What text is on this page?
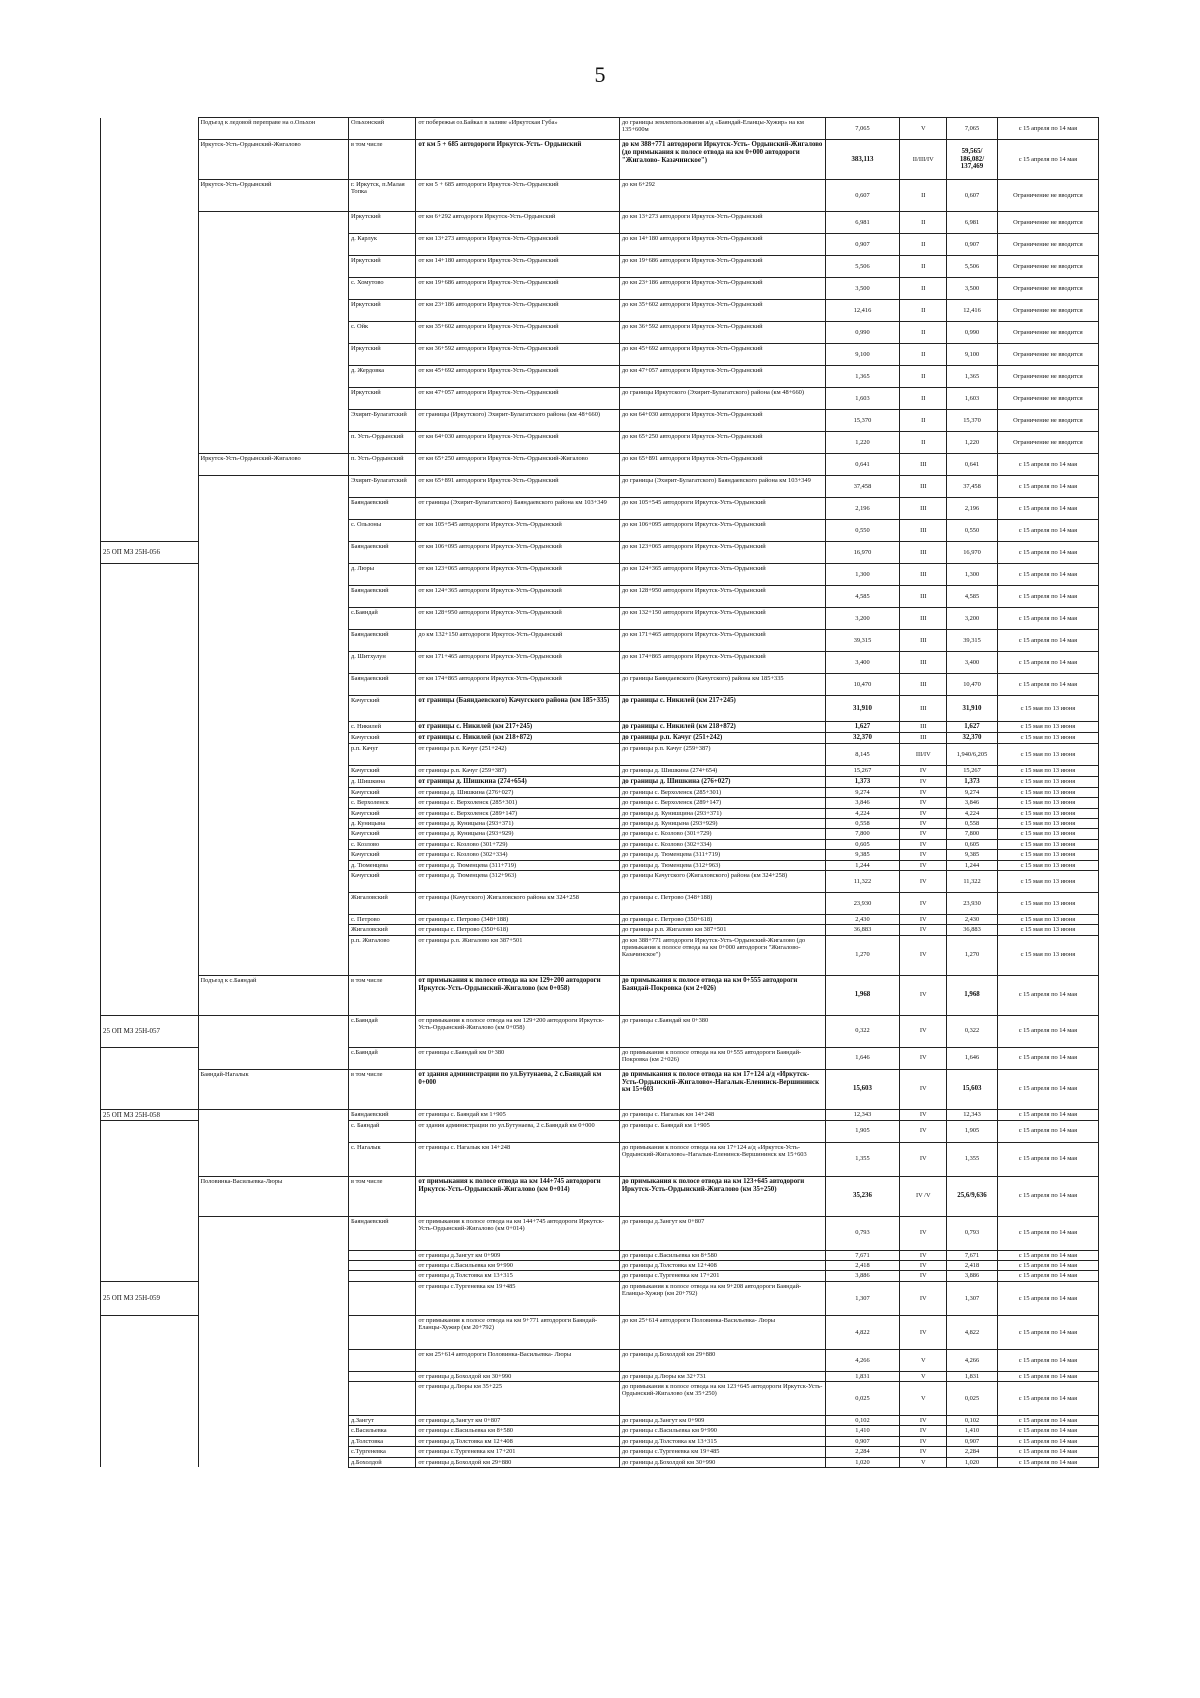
5
	Подъезд к ледовой переправе на о.Ольхон	Ольхонский	от побережья оз.Байкал в заливе «Иркутская Губа»	до границы землепользования а/д «Баяндай-Еланцы-Хужир» на км 135+600м	7,065	V	7,065	с 15 апреля по 14 мая
	Иркутск-Усть-Ордынский-Жигалово	в том числе	от км 5 + 685 автодороги Иркутск-Усть- Ордынский	до км 388+771 автодороги Иркутск-Усть- Ордынский-Жигалово (до примыкания к полосе отвода на км 0+000 автодороги "Жигалово- Казачинское")	383,113	II/III/IV	59,565/ 186,082/ 137,469	с 15 апреля по 14 мая
	Иркутск-Усть-Ордынский	г. Иркутск, п.Малая Топка	от км 5 + 685 автодороги Иркутск-Усть-Ордынский	до км 6+292	0,607	II	0,607	Ограничение не вводится
		Иркутский	от км 6+292 автодороги Иркутск-Усть-Ордынский	до км 13+273 автодороги Иркутск-Усть-Ордынский	6,981	II	6,981	Ограничение не вводится
		д. Карлук	от км 13+273 автодороги Иркутск-Усть-Ордынский	до км 14+180 автодороги Иркутск-Усть-Ордынский	0,907	II	0,907	Ограничение не вводится
		Иркутский	от км 14+180 автодороги Иркутск-Усть-Ордынский	до км 19+686 автодороги Иркутск-Усть-Ордынский	5,506	II	5,506	Ограничение не вводится
		с. Хомутово	от км 19+686 автодороги Иркутск-Усть-Ордынский	до км 23+186 автодороги Иркутск-Усть-Ордынский	3,500	II	3,500	Ограничение не вводится
		Иркутский	от км 23+186 автодороги Иркутск-Усть-Ордынский	до км 35+602 автодороги Иркутск-Усть-Ордынский	12,416	II	12,416	Ограничение не вводится
		с. Ойк	от км 35+602 автодороги Иркутск-Усть-Ордынский	до км 36+592 автодороги Иркутск-Усть-Ордынский	0,990	II	0,990	Ограничение не вводится
		Иркутский	от км 36+592 автодороги Иркутск-Усть-Ордынский	до км 45+692 автодороги Иркутск-Усть-Ордынский	9,100	II	9,100	Ограничение не вводится
		д. Жердовка	от км 45+692 автодороги Иркутск-Усть-Ордынский	до км 47+057 автодороги Иркутск-Усть-Ордынский	1,365	II	1,365	Ограничение не вводится
		Иркутский	от км 47+057 автодороги Иркутск-Усть-Ордынский	до границы Иркутского (Эхирит-Булагатского) района (км 48+660)	1,603	II	1,603	Ограничение не вводится
		Эхирит-Булагатский	от границы (Иркутского) Эхирит-Булагатского района (км 48+660)	до км 64+030 автодороги Иркутск-Усть-Ордынский	15,370	II	15,370	Ограничение не вводится
		п. Усть-Ордынский	от км 64+030 автодороги Иркутск-Усть-Ордынский	до км 65+250 автодороги Иркутск-Усть-Ордынский	1,220	II	1,220	Ограничение не вводится
	Иркутск-Усть-Ордынский-Жигалово	п. Усть-Ордынский	от км 65+250 автодороги Иркутск-Усть-Ордынский-Жигалово	до км 65+891 автодороги Иркутск-Усть-Ордынский	0,641	III	0,641	с 15 апреля по 14 мая
		Эхирит-Булагатский	от км 65+891 автодороги Иркутск-Усть-Ордынский	до границы (Эхирит-Булагатского) Баяндаевского района км 103+349	37,458	III	37,458	с 15 апреля по 14 мая
		Баяндаевский	от границы (Эхирит-Булагатского) Баяндаевского района км 103+349	до км 105+545 автодороги Иркутск-Усть-Ордынский	2,196	III	2,196	с 15 апреля по 14 мая
		с. Ользоны	от км 105+545 автодороги Иркутск-Усть-Ордынский	до км 106+095 автодороги Иркутск-Усть-Ордынский	0,550	III	0,550	с 15 апреля по 14 мая
25 ОП МЗ 25Н-056		Баяндаевский	от км 106+095 автодороги Иркутск-Усть-Ордынский	до км 123+065 автодороги Иркутск-Усть-Ордынский	16,970	III	16,970	с 15 апреля по 14 мая
		д. Люры	от км 123+065 автодороги Иркутск-Усть-Ордынский	до км 124+365 автодороги Иркутск-Усть-Ордынский	1,300	III	1,300	с 15 апреля по 14 мая
		Баяндаевский	от км 124+365 автодороги Иркутск-Усть-Ордынский	до км 128+950 автодороги Иркутск-Усть-Ордынский	4,585	III	4,585	с 15 апреля по 14 мая
		с.Баяндай	от км 128+950 автодороги Иркутск-Усть-Ордынский	до км 132+150 автодороги Иркутск-Усть-Ордынский	3,200	III	3,200	с 15 апреля по 14 мая
		Баяндаевский	до км 132+150 автодороги Иркутск-Усть-Ордынский	до км 171+465 автодороги Иркутск-Усть-Ордынский	39,315	III	39,315	с 15 апреля по 14 мая
		д. Шитхулун	от км 171+465 автодороги Иркутск-Усть-Ордынский	до км 174+865 автодороги Иркутск-Усть-Ордынский	3,400	III	3,400	с 15 апреля по 14 мая
		Баяндаевский	от км 174+865 автодороги Иркутск-Усть-Ордынский	до границы Баяндаевского (Качугского) района км 185+335	10,470	III	10,470	с 15 апреля по 14 мая
		Качугский	от границы (Баяндаевского) Качугского района (км 185+335)	до границы с. Никилей (км 217+245)	31,910	III	31,910	с 15 мая по 13 июня
		с. Никилей	от границы с. Никилей (км 217+245)	до границы с. Никилей (км 218+872)	1,627	III	1,627	с 15 мая по 13 июня
		Качугский	от границы с. Никилей (км 218+872)	до границы р.п. Качуг (251+242)	32,370	III	32,370	с 15 мая по 13 июня
		р.п. Качуг	от границы р.п. Качуг (251+242)	до границы р.п. Качуг (259+387)	8,145	III/IV	1,940/6,205	с 15 мая по 13 июня
		Качугский	от границы р.п. Качуг (259+387)	до границы д. Шишкина (274+654)	15,267	IV	15,267	с 15 мая по 13 июня
		д. Шишкина	от границы д. Шишкина (274+654)	до границы д. Шишкина (276+027)	1,373	IV	1,373	с 15 мая по 13 июня
		Качугский	от границы д. Шишкина (276+027)	до границы с. Верхоленск (285+301)	9,274	IV	9,274	с 15 мая по 13 июня
		с. Верхоленск	от границы с. Верхоленск (285+301)	до границы с. Верхоленск (289+147)	3,846	IV	3,846	с 15 мая по 13 июня
		Качугский	от границы с. Верхоленск (289+147)	до границы д. Кунишцина (293+371)	4,224	IV	4,224	с 15 мая по 13 июня
		д. Куницына	от границы д. Куницына (293+371)	до границы д. Куницына (293+929)	0,558	IV	0,558	с 15 мая по 13 июня
		Качугский	от границы д. Куницына (293+929)	до границы с. Козлово (301+729)	7,800	IV	7,800	с 15 мая по 13 июня
		с. Козлово	от границы с. Козлово (301+729)	до границы с. Козлово (302+334)	0,605	IV	0,605	с 15 мая по 13 июня
		Качугский	от границы с. Козлово (302+334)	до границы д. Тюменцева (311+719)	9,385	IV	9,385	с 15 мая по 13 июня
		д. Тюменцева	от границы д. Тюменцева (311+719)	до границы д. Тюменцева (312+963)	1,244	IV	1,244	с 15 мая по 13 июня
		Качугский	от границы д. Тюменцева (312+963)	до границы Качугского (Жигаловского) района (км 324+258)	11,322	IV	11,322	с 15 мая по 13 июня
		Жигаловский	от границы (Качугского) Жигаловского района км 324+258	до границы с. Петрово (348+188)	23,930	IV	23,930	с 15 мая по 13 июня
		с. Петрово	от границы с. Петрово (348+188)	до границы с. Петрово (350+618)	2,430	IV	2,430	с 15 мая по 13 июня
		Жигаловский	от границы с. Петрово (350+618)	до границы р.п. Жигалово км 387+501	36,883	IV	36,883	с 15 мая по 13 июня
		р.п. Жигалово	от границы р.п. Жигалово км 387+501	до км 388+771 автодороги Иркутск-Усть-Ордынский-Жигалово (до примыкания к полосе отвода на км 0+000 автодороги "Жигалово-Казачинское")	1,270	IV	1,270	с 15 мая по 13 июня
	Подъезд к с.Баяндай	в том числе	от примыкания к полосе отвода на км 129+200 автодороги Иркутск-Усть-Ордынский-Жигалово (км 0+058)	до примыкания к полосе отвода на км 0+555 автодороги Баяндай-Покровка (км 2+026)	1,968	IV	1,968	с 15 апреля по 14 мая
25 ОП МЗ 25Н-057		с.Баяндай	от примыкания к полосе отвода на км 129+200 автодороги Иркутск-Усть-Ордынский-Жигалово (км 0+058)	до границы с.Баяндай км 0+380	0,322	IV	0,322	с 15 апреля по 14 мая
		с.Баяндай	от границы с.Баяндай км 0+380	до примыкания к полосе отвода на км 0+555 автодороги Баяндай-Покровка (км 2+026)	1,646	IV	1,646	с 15 апреля по 14 мая
	Баяндай-Нагалык	в том числе	от здания администрации по ул.Бутунаева, 2 с.Баяндай км 0+000	до примыкания к полосе отвода на км 17+124 а/д «Иркутск-Усть-Ордынский-Жигалово»-Нагалык-Еленинск-Вершининск км 15+603	15,603	IV	15,603	с 15 апреля по 14 мая
25 ОП МЗ 25Н-058		Баяндаевский	от границы с. Баяндай км 1+905	до границы с. Нагалык км 14+248	12,343	IV	12,343	с 15 апреля по 14 мая
		с. Баяндай	от здания администрации по ул.Бутунаева, 2 с.Баяндай км 0+000	до границы с. Баяндай км 1+905	1,905	IV	1,905	с 15 апреля по 14 мая
		с. Нагалык	от границы с. Нагалык км 14+248	до примыкания к полосе отвода на км 17+124 а/д «Иркутск-Усть-Ордынский-Жигалово»-Нагалык-Еленинск-Вершининск км 15+603	1,355	IV	1,355	с 15 апреля по 14 мая
	Половинка-Васильевка-Люры	в том числе	от примыкания к полосе отвода на км 144+745 автодороги Иркутск-Усть-Ордынский-Жигалово (км 0+014)	до примыкания к полосе отвода на км 123+645 автодороги Иркутск-Усть-Ордынский-Жигалово (км 35+250)	35,236	IV /V	25,6/9,636	с 15 апреля по 14 мая
		Баяндаевский	от примыкания к полосе отвода на км 144+745 автодороги Иркутск-Усть-Ордынский-Жигалово (км 0+014)	до границы д.Зангут км 0+807	0,793	IV	0,793	с 15 апреля по 14 мая
			от границы д.Зангут км 0+909	до границы с.Васильевка км 8+580	7,671	IV	7,671	с 15 апреля по 14 мая
			от границы с.Васильевка км 9+990	до границы д.Толстовка км 12+408	2,418	IV	2,418	с 15 апреля по 14 мая
			от границы д.Толстовка км 13+315	до границы с.Тургеневка км 17+201	3,886	IV	3,886	с 15 апреля по 14 мая
25 ОП МЗ 25Н-059			от границы с.Тургеневка км 19+485	до примыкания к полосе отвода на км 9+208 автодороги Баяндай-Еланцы-Хужир (км 20+792)	1,307	IV	1,307	с 15 апреля по 14 мая
			от примыкания к полосе отвода на км 9+771 автодороги Баяндай-Еланцы-Хужир (км 20+792)	до км 25+614 автодороги Половинка-Васильевка- Люры	4,822	IV	4,822	с 15 апреля по 14 мая
			от км 25+614 автодороги Половинка-Васильевка- Люры	до границы д.Бохолдой км 29+880	4,266	V	4,266	с 15 апреля по 14 мая
			от границы д.Бохолдой км 30+990	до границы д.Люры км 32+731	1,831	V	1,831	с 15 апреля по 14 мая
			от границы д.Люры км 35+225	до примыкания к полосе отвода на км 123+645 автодороги Иркутск-Усть-Ордынский-Жигалово (км 35+250)	0,025	V	0,025	с 15 апреля по 14 мая
		д.Зангут	от границы д.Зангут км 0+807	до границы д.Зангут км 0+909	0,102	IV	0,102	с 15 апреля по 14 мая
		с.Васильевка	от границы с.Васильевка км 8+580	до границы с.Васильевка км 9+990	1,410	IV	1,410	с 15 апреля по 14 мая
		д.Толстовка	от границы д.Толстовка км 12+408	до границы д.Толстовка км 13+315	0,907	IV	0,907	с 15 апреля по 14 мая
		с.Тургеневка	от границы с.Тургеневка км 17+201	до границы с.Тургеневка км 19+485	2,284	IV	2,284	с 15 апреля по 14 мая
		д.Бохолдой	от границы д.Бохолдой км 29+880	до границы д.Бохолдой км 30+990	1,020	V	1,020	с 15 апреля по 14 мая
